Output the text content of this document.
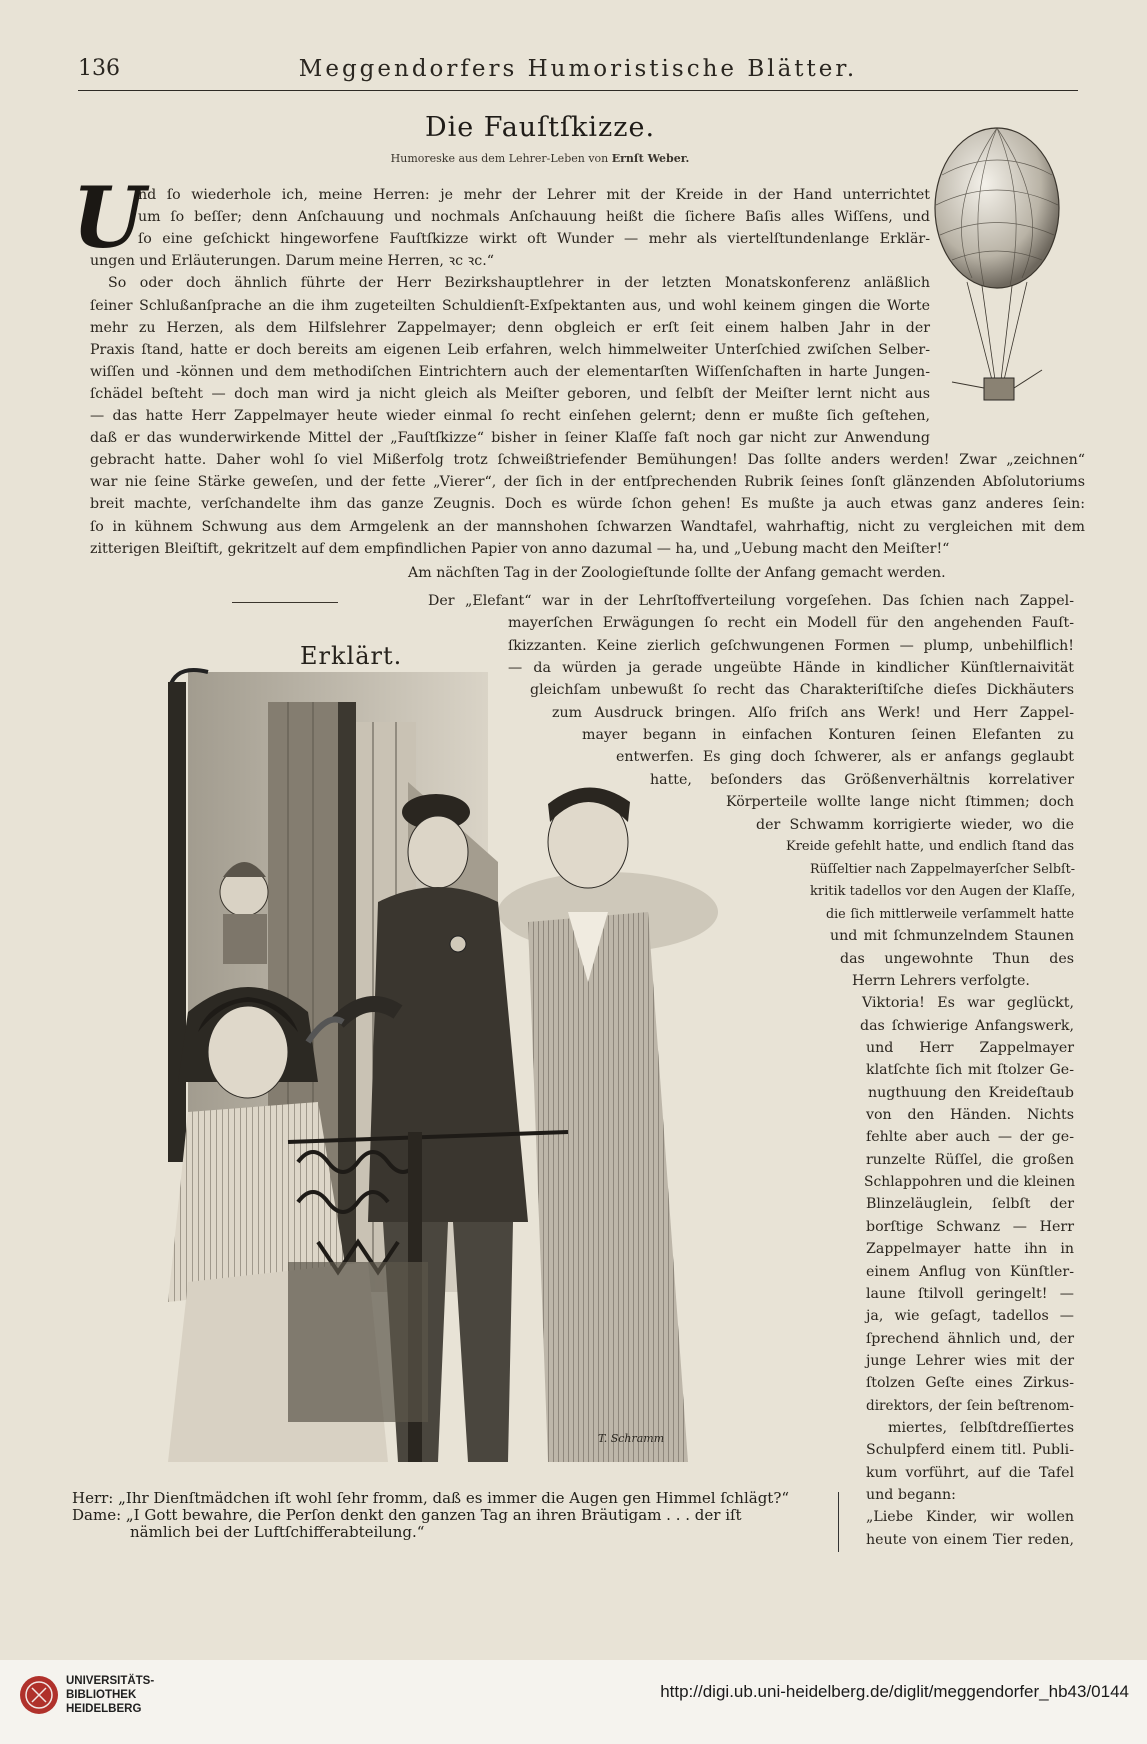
136	Meggendorfers Humoristische Blätter.
Die Fauſtſkizze.
Humoreske aus dem Lehrer-Leben von Ernſt Weber.
U
Erklärt.
T. Schramm
nd ſo wiederhole ich, meine Herren: je mehr der Lehrer mit der Kreide in der Hand unterrichtet
um ſo beſſer; denn Anſchauung und nochmals Anſchauung heißt die ſichere Baſis alles Wiſſens, und
ſo eine geſchickt hingeworfene Fauſtſkizze wirkt oft Wunder — mehr als viertelſtundenlange Erklär-
ungen und Erläuterungen. Darum meine Herren, ꝛc ꝛc.“
So oder doch ähnlich führte der Herr Bezirkshauptlehrer in der letzten Monatskonferenz anläßlich
ſeiner Schlußanſprache an die ihm zugeteilten Schuldienſt-Exſpektanten aus, und wohl keinem gingen die Worte
mehr zu Herzen, als dem Hilfslehrer Zappelmayer; denn obgleich er erſt ſeit einem halben Jahr in der
Praxis ſtand, hatte er doch bereits am eigenen Leib erfahren, welch himmelweiter Unterſchied zwiſchen Selber-
wiſſen und -können und dem methodiſchen Eintrichtern auch der elementarſten Wiſſenſchaften in harte Jungen-
ſchädel beſteht — doch man wird ja nicht gleich als Meiſter geboren, und ſelbſt der Meiſter lernt nicht aus
— das hatte Herr Zappelmayer heute wieder einmal ſo recht einſehen gelernt; denn er mußte ſich geſtehen,
daß er das wunderwirkende Mittel der „Fauſtſkizze“ bisher in ſeiner Klaſſe faſt noch gar nicht zur Anwendung
gebracht hatte. Daher wohl ſo viel Mißerfolg trotz ſchweißtriefender Bemühungen! Das ſollte anders werden! Zwar „zeichnen“
war nie ſeine Stärke geweſen, und der fette „Vierer“, der ſich in der entſprechenden Rubrik ſeines ſonſt glänzenden Abſolutoriums
breit machte, verſchandelte ihm das ganze Zeugnis. Doch es würde ſchon gehen! Es mußte ja auch etwas ganz anderes ſein:
ſo in kühnem Schwung aus dem Armgelenk an der mannshohen ſchwarzen Wandtafel, wahrhaftig, nicht zu vergleichen mit dem
zitterigen Bleiſtift, gekritzelt auf dem empfindlichen Papier von anno dazumal — ha, und „Uebung macht den Meiſter!“
Am nächſten Tag in der Zoologieſtunde ſollte der Anfang gemacht werden.
Der „Elefant“ war in der Lehrſtoffverteilung vorgeſehen. Das ſchien nach Zappel-
mayerſchen Erwägungen ſo recht ein Modell für den angehenden Fauſt-
ſkizzanten. Keine zierlich geſchwungenen Formen — plump, unbehilflich!
— da würden ja gerade ungeübte Hände in kindlicher Künſtlernaivität
gleichſam unbewußt ſo recht das Charakteriſtiſche dieſes Dickhäuters
zum Ausdruck bringen. Alſo friſch ans Werk! und Herr Zappel-
mayer begann in einfachen Konturen ſeinen Elefanten zu
entwerfen. Es ging doch ſchwerer, als er anfangs geglaubt
hatte, beſonders das Größenverhältnis korrelativer
Körperteile wollte lange nicht ſtimmen; doch
der Schwamm korrigierte wieder, wo die
Kreide gefehlt hatte, und endlich ſtand das
Rüſſeltier nach Zappelmayerſcher Selbſt-
kritik tadellos vor den Augen der Klaſſe,
die ſich mittlerweile verſammelt hatte
und mit ſchmunzelndem Staunen
das ungewohnte Thun des
Herrn Lehrers verfolgte.
Viktoria! Es war geglückt,
das ſchwierige Anfangswerk,
und Herr Zappelmayer
klatſchte ſich mit ſtolzer Ge-
nugthuung den Kreideſtaub
von den Händen. Nichts
fehlte aber auch — der ge-
runzelte Rüſſel, die großen
Schlappohren und die kleinen
Blinzeläuglein, ſelbſt der
borſtige Schwanz — Herr
Zappelmayer hatte ihn in
einem Anflug von Künſtler-
laune ſtilvoll geringelt! —
ja, wie geſagt, tadellos —
ſprechend ähnlich und, der
junge Lehrer wies mit der
ſtolzen Geſte eines Zirkus-
direktors, der ſein beſtrenom-
miertes, ſelbſtdreſſiertes
Schulpferd einem titl. Publi-
kum vorführt, auf die Tafel
und begann:
„Liebe Kinder, wir wollen
heute von einem Tier reden,
Herr: „Ihr Dienſtmädchen iſt wohl ſehr fromm, daß es immer die Augen gen Himmel ſchlägt?“
Dame: „I Gott bewahre, die Perſon denkt den ganzen Tag an ihren Bräutigam . . . der iſt
nämlich bei der Luftſchifferabteilung.“
UNIVERSITÄTS-
BIBLIOTHEK
HEIDELBERG
http://digi.ub.uni-heidelberg.de/diglit/meggendorfer_hb43/0144
